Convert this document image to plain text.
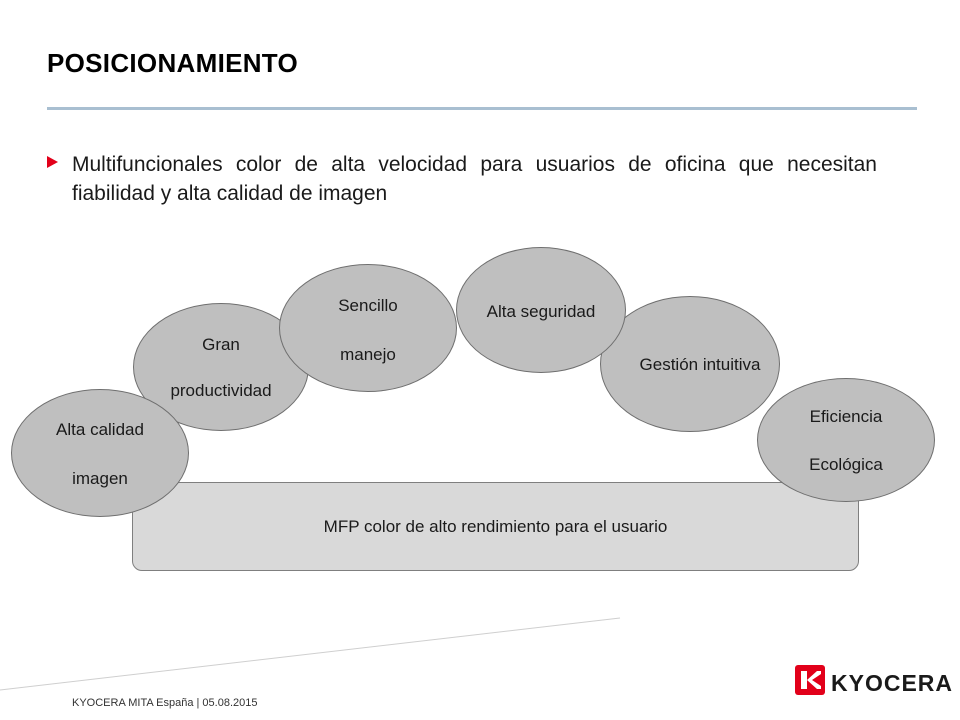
POSICIONAMIENTO
Multifuncionales color de alta velocidad para usuarios de oficina que necesitan fiabilidad y alta calidad de imagen
MFP color de alto rendimiento para el usuario
Gestión intuitiva
Gran
productividad
Sencillo
manejo
Alta seguridad
Alta calidad
imagen
Eficiencia
Ecológica
KYOCERA MITA España | 05.08.2015
KYOCERA
